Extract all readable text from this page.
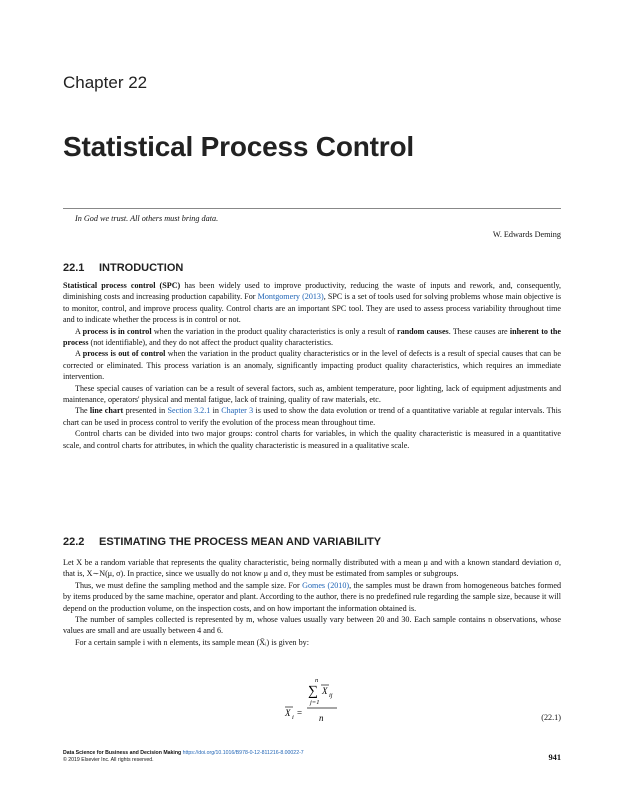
Chapter 22
Statistical Process Control
In God we trust. All others must bring data.
W. Edwards Deming
22.1 INTRODUCTION

Statistical process control (SPC) has been widely used to improve productivity, reducing the waste of inputs and rework, and, consequently, diminishing costs and increasing production capability. For Montgomery (2013), SPC is a set of tools used for solving problems whose main objective is to monitor, control, and improve process quality. Control charts are an important SPC tool. They are used to assess process variability throughout time and to indicate whether the process is in control or not.

A process is in control when the variation in the product quality characteristics is only a result of random causes. These causes are inherent to the process (not identifiable), and they do not affect the product quality characteristics.

A process is out of control when the variation in the product quality characteristics or in the level of defects is a result of special causes that can be corrected or eliminated. This process variation is an anomaly, significantly impacting product quality characteristics, which requires an immediate intervention.

These special causes of variation can be a result of several factors, such as, ambient temperature, poor lighting, lack of equipment adjustments and maintenance, operators' physical and mental fatigue, lack of training, quality of raw materials, etc.

The line chart presented in Section 3.2.1 in Chapter 3 is used to show the data evolution or trend of a quantitative variable at regular intervals. This chart can be used in process control to verify the evolution of the process mean throughout time.

Control charts can be divided into two major groups: control charts for variables, in which the quality characteristic is measured in a quantitative scale, and control charts for attributes, in which the quality characteristic is measured in a qualitative scale.

22.2 ESTIMATING THE PROCESS MEAN AND VARIABILITY

Let X be a random variable that represents the quality characteristic, being normally distributed with a mean μ and with a known standard deviation σ, that is, X∼N(μ, σ). In practice, since we usually do not know μ and σ, they must be estimated from samples or subgroups.

Thus, we must define the sampling method and the sample size. For Gomes (2010), the samples must be drawn from homogeneous batches formed by items produced by the same machine, operator and plant. According to the author, there is no predefined rule regarding the sample size, because it will depend on the production volume, on the inspection costs, and on how important the information obtained is.

The number of samples collected is represented by m, whose values usually vary between 20 and 30. Each sample contains n observations, whose values are small and are usually between 4 and 6.

For a certain sample i with n elements, its sample mean (X̄ᵢ) is given by:

n
∑ X ij
j=1
n
X i =	(22.1)
Data Science for Business and Decision Making https://doi.org/10.1016/B978-0-12-811216-8.00022-7
© 2019 Elsevier Inc. All rights reserved.	941
